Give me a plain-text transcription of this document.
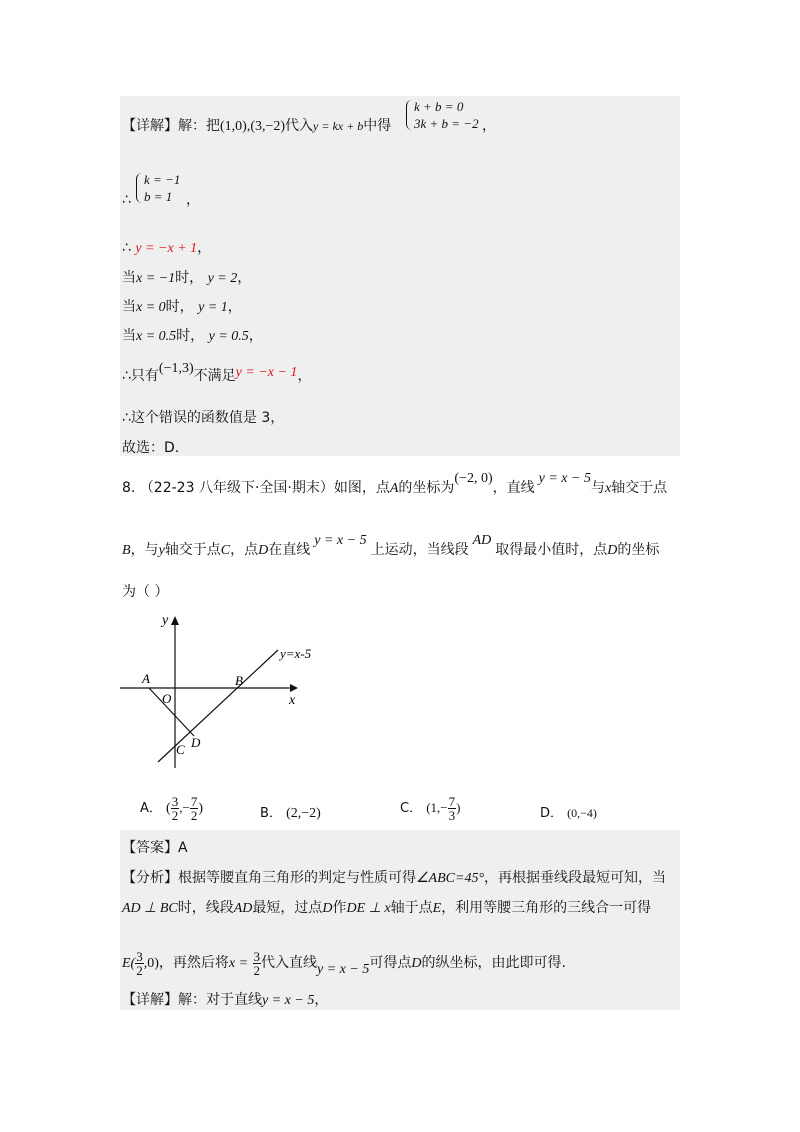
【详解】解：把(1,0),(3,−2)代入y = kx + b中得
k + b = 0
3k + b = −2 ，
∴
k = −1
b = 1 ，
∴ y = −x + 1，
当x = −1时， y = 2，
当x = 0时， y = 1，
当x = 0.5时， y = 0.5，
∴只有(−1,3)不满足y = −x − 1，
∴这个错误的函数值是 3，
故选：D.
8. （22-23 八年级下·全国·期末）如图，点A的坐标为(−2, 0)，直线y = x − 5与x轴交于点
B，与y轴交于点C，点D在直线y = x − 5上运动，当线段AD取得最小值时，点D的坐标
为（ ）
y
x
y=x-5
A
O
B
C D
A． ( $\frac{3}{2}$ ,− $\frac{7}{2}$ )	B． (2,−2)	C． ($1,- \frac{7}{3}$ )	D． (0,−4)
【答案】A
【分析】根据等腰直角三角形的判定与性质可得∠ABC=45°，再根据垂线段最短可知，当
AD ⊥ BC时，线段AD最短，过点D作DE ⊥ x轴于点E，利用等腰三角形的三线合一可得
$E( \frac{3}{2} ,0)$，再然后将$x = \frac{3}{2}$ 代入直线y = x − 5可得点D的纵坐标，由此即可得.
【详解】解：对于直线y = x − 5，
